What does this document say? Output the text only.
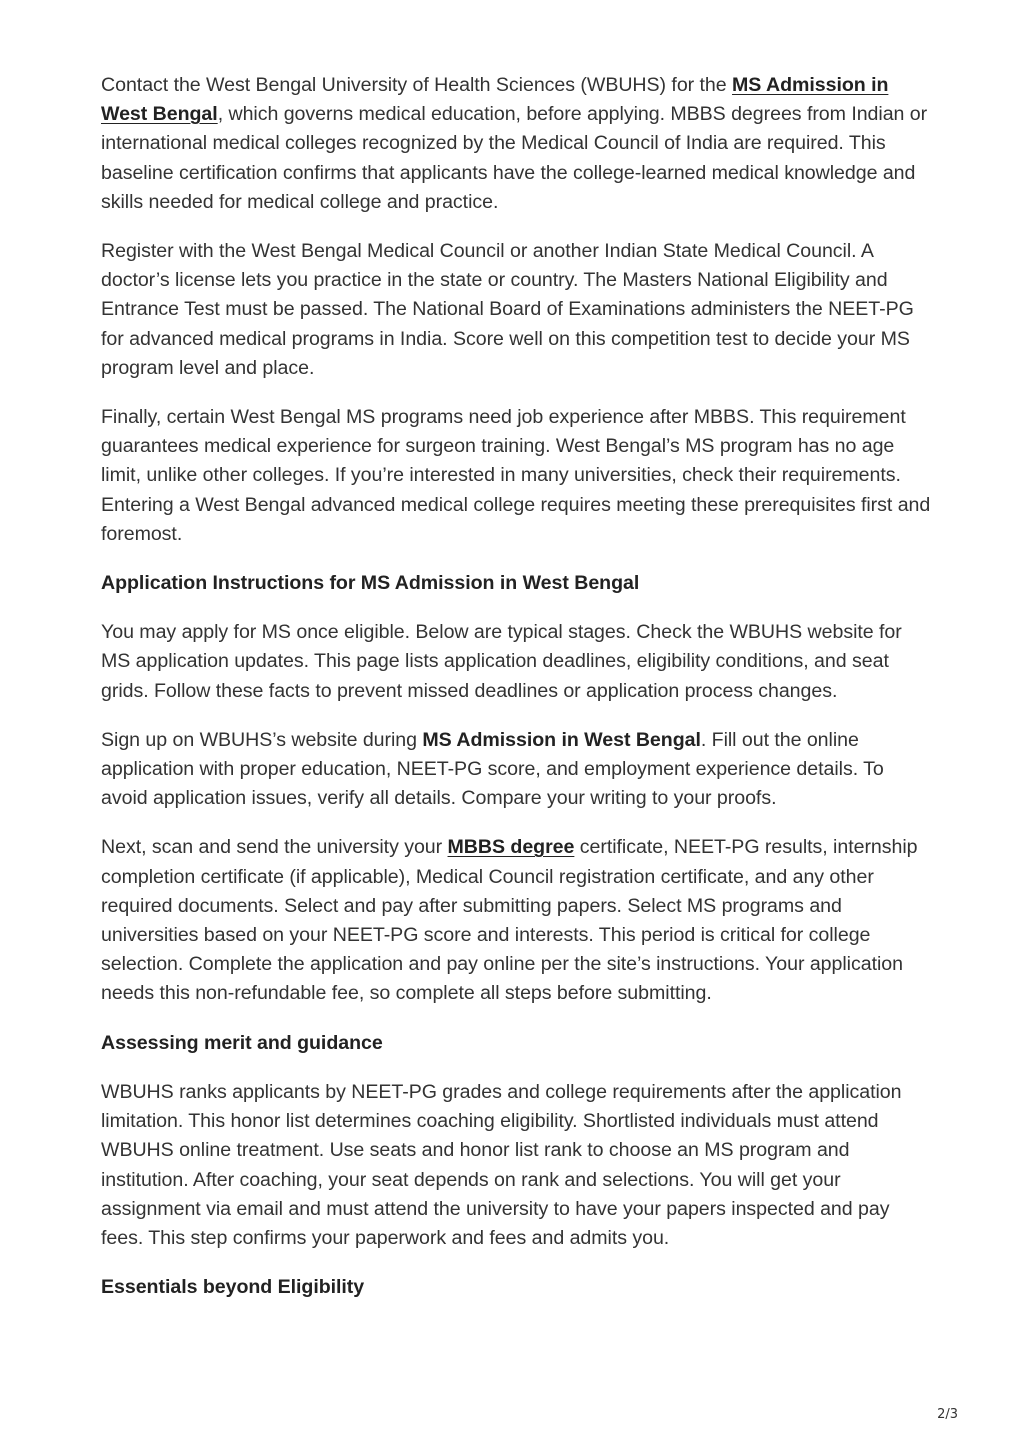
Contact the West Bengal University of Health Sciences (WBUHS) for the MS Admission in West Bengal, which governs medical education, before applying. MBBS degrees from Indian or international medical colleges recognized by the Medical Council of India are required. This baseline certification confirms that applicants have the college-learned medical knowledge and skills needed for medical college and practice.

Register with the West Bengal Medical Council or another Indian State Medical Council. A doctor’s license lets you practice in the state or country. The Masters National Eligibility and Entrance Test must be passed. The National Board of Examinations administers the NEET-PG for advanced medical programs in India. Score well on this competition test to decide your MS program level and place.

Finally, certain West Bengal MS programs need job experience after MBBS. This requirement guarantees medical experience for surgeon training. West Bengal’s MS program has no age limit, unlike other colleges. If you’re interested in many universities, check their requirements. Entering a West Bengal advanced medical college requires meeting these prerequisites first and foremost.

Application Instructions for MS Admission in West Bengal

You may apply for MS once eligible. Below are typical stages. Check the WBUHS website for MS application updates. This page lists application deadlines, eligibility conditions, and seat grids. Follow these facts to prevent missed deadlines or application process changes.

Sign up on WBUHS’s website during MS Admission in West Bengal. Fill out the online application with proper education, NEET-PG score, and employment experience details. To avoid application issues, verify all details. Compare your writing to your proofs.

Next, scan and send the university your MBBS degree certificate, NEET-PG results, internship completion certificate (if applicable), Medical Council registration certificate, and any other required documents. Select and pay after submitting papers. Select MS programs and universities based on your NEET-PG score and interests. This period is critical for college selection. Complete the application and pay online per the site’s instructions. Your application needs this non-refundable fee, so complete all steps before submitting.

Assessing merit and guidance

WBUHS ranks applicants by NEET-PG grades and college requirements after the application limitation. This honor list determines coaching eligibility. Shortlisted individuals must attend WBUHS online treatment. Use seats and honor list rank to choose an MS program and institution. After coaching, your seat depends on rank and selections. You will get your assignment via email and must attend the university to have your papers inspected and pay fees. This step confirms your paperwork and fees and admits you.

Essentials beyond Eligibility

2/3
